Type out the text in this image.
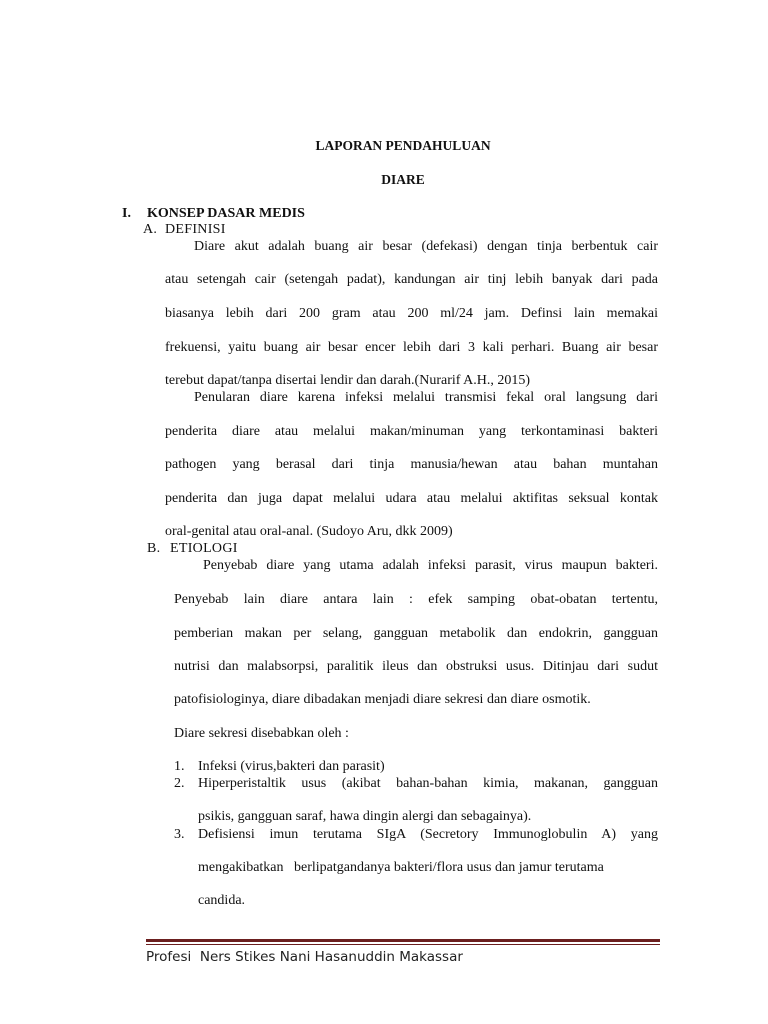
LAPORAN PENDAHULUAN
DIARE
I. KONSEP DASAR MEDIS
A. DEFINISI
Diare akut adalah buang air besar (defekasi) dengan tinja berbentuk cair
atau setengah cair (setengah padat), kandungan air tinj lebih banyak dari pada
biasanya lebih dari 200 gram atau 200 ml/24 jam. Definsi lain memakai
frekuensi, yaitu buang air besar encer lebih dari 3 kali perhari. Buang air besar
terebut dapat/tanpa disertai lendir dan darah.(Nurarif A.H., 2015)
Penularan diare karena infeksi melalui transmisi fekal oral langsung dari
penderita diare atau melalui makan/minuman yang terkontaminasi bakteri
pathogen yang berasal dari tinja manusia/hewan atau bahan muntahan
penderita dan juga dapat melalui udara atau melalui aktifitas seksual kontak
oral-genital atau oral-anal. (Sudoyo Aru, dkk 2009)
B. ETIOLOGI
Penyebab diare yang utama adalah infeksi parasit, virus maupun bakteri.
Penyebab lain diare antara lain : efek samping obat-obatan tertentu,
pemberian makan per selang, gangguan metabolik dan endokrin, gangguan
nutrisi dan malabsorpsi, paralitik ileus dan obstruksi usus. Ditinjau dari sudut
patofisiologinya, diare dibadakan menjadi diare sekresi dan diare osmotik.
Diare sekresi disebabkan oleh :
1. Infeksi (virus,bakteri dan parasit)
2. Hiperperistaltik usus (akibat bahan-bahan kimia, makanan, gangguan
psikis, gangguan saraf, hawa dingin alergi dan sebagainya).
3. Defisiensi imun terutama SIgA (Secretory Immunoglobulin A) yang
mengakibatkan   berlipatgandanya bakteri/flora usus dan jamur terutama
candida.
Profesi  Ners Stikes Nani Hasanuddin Makassar
